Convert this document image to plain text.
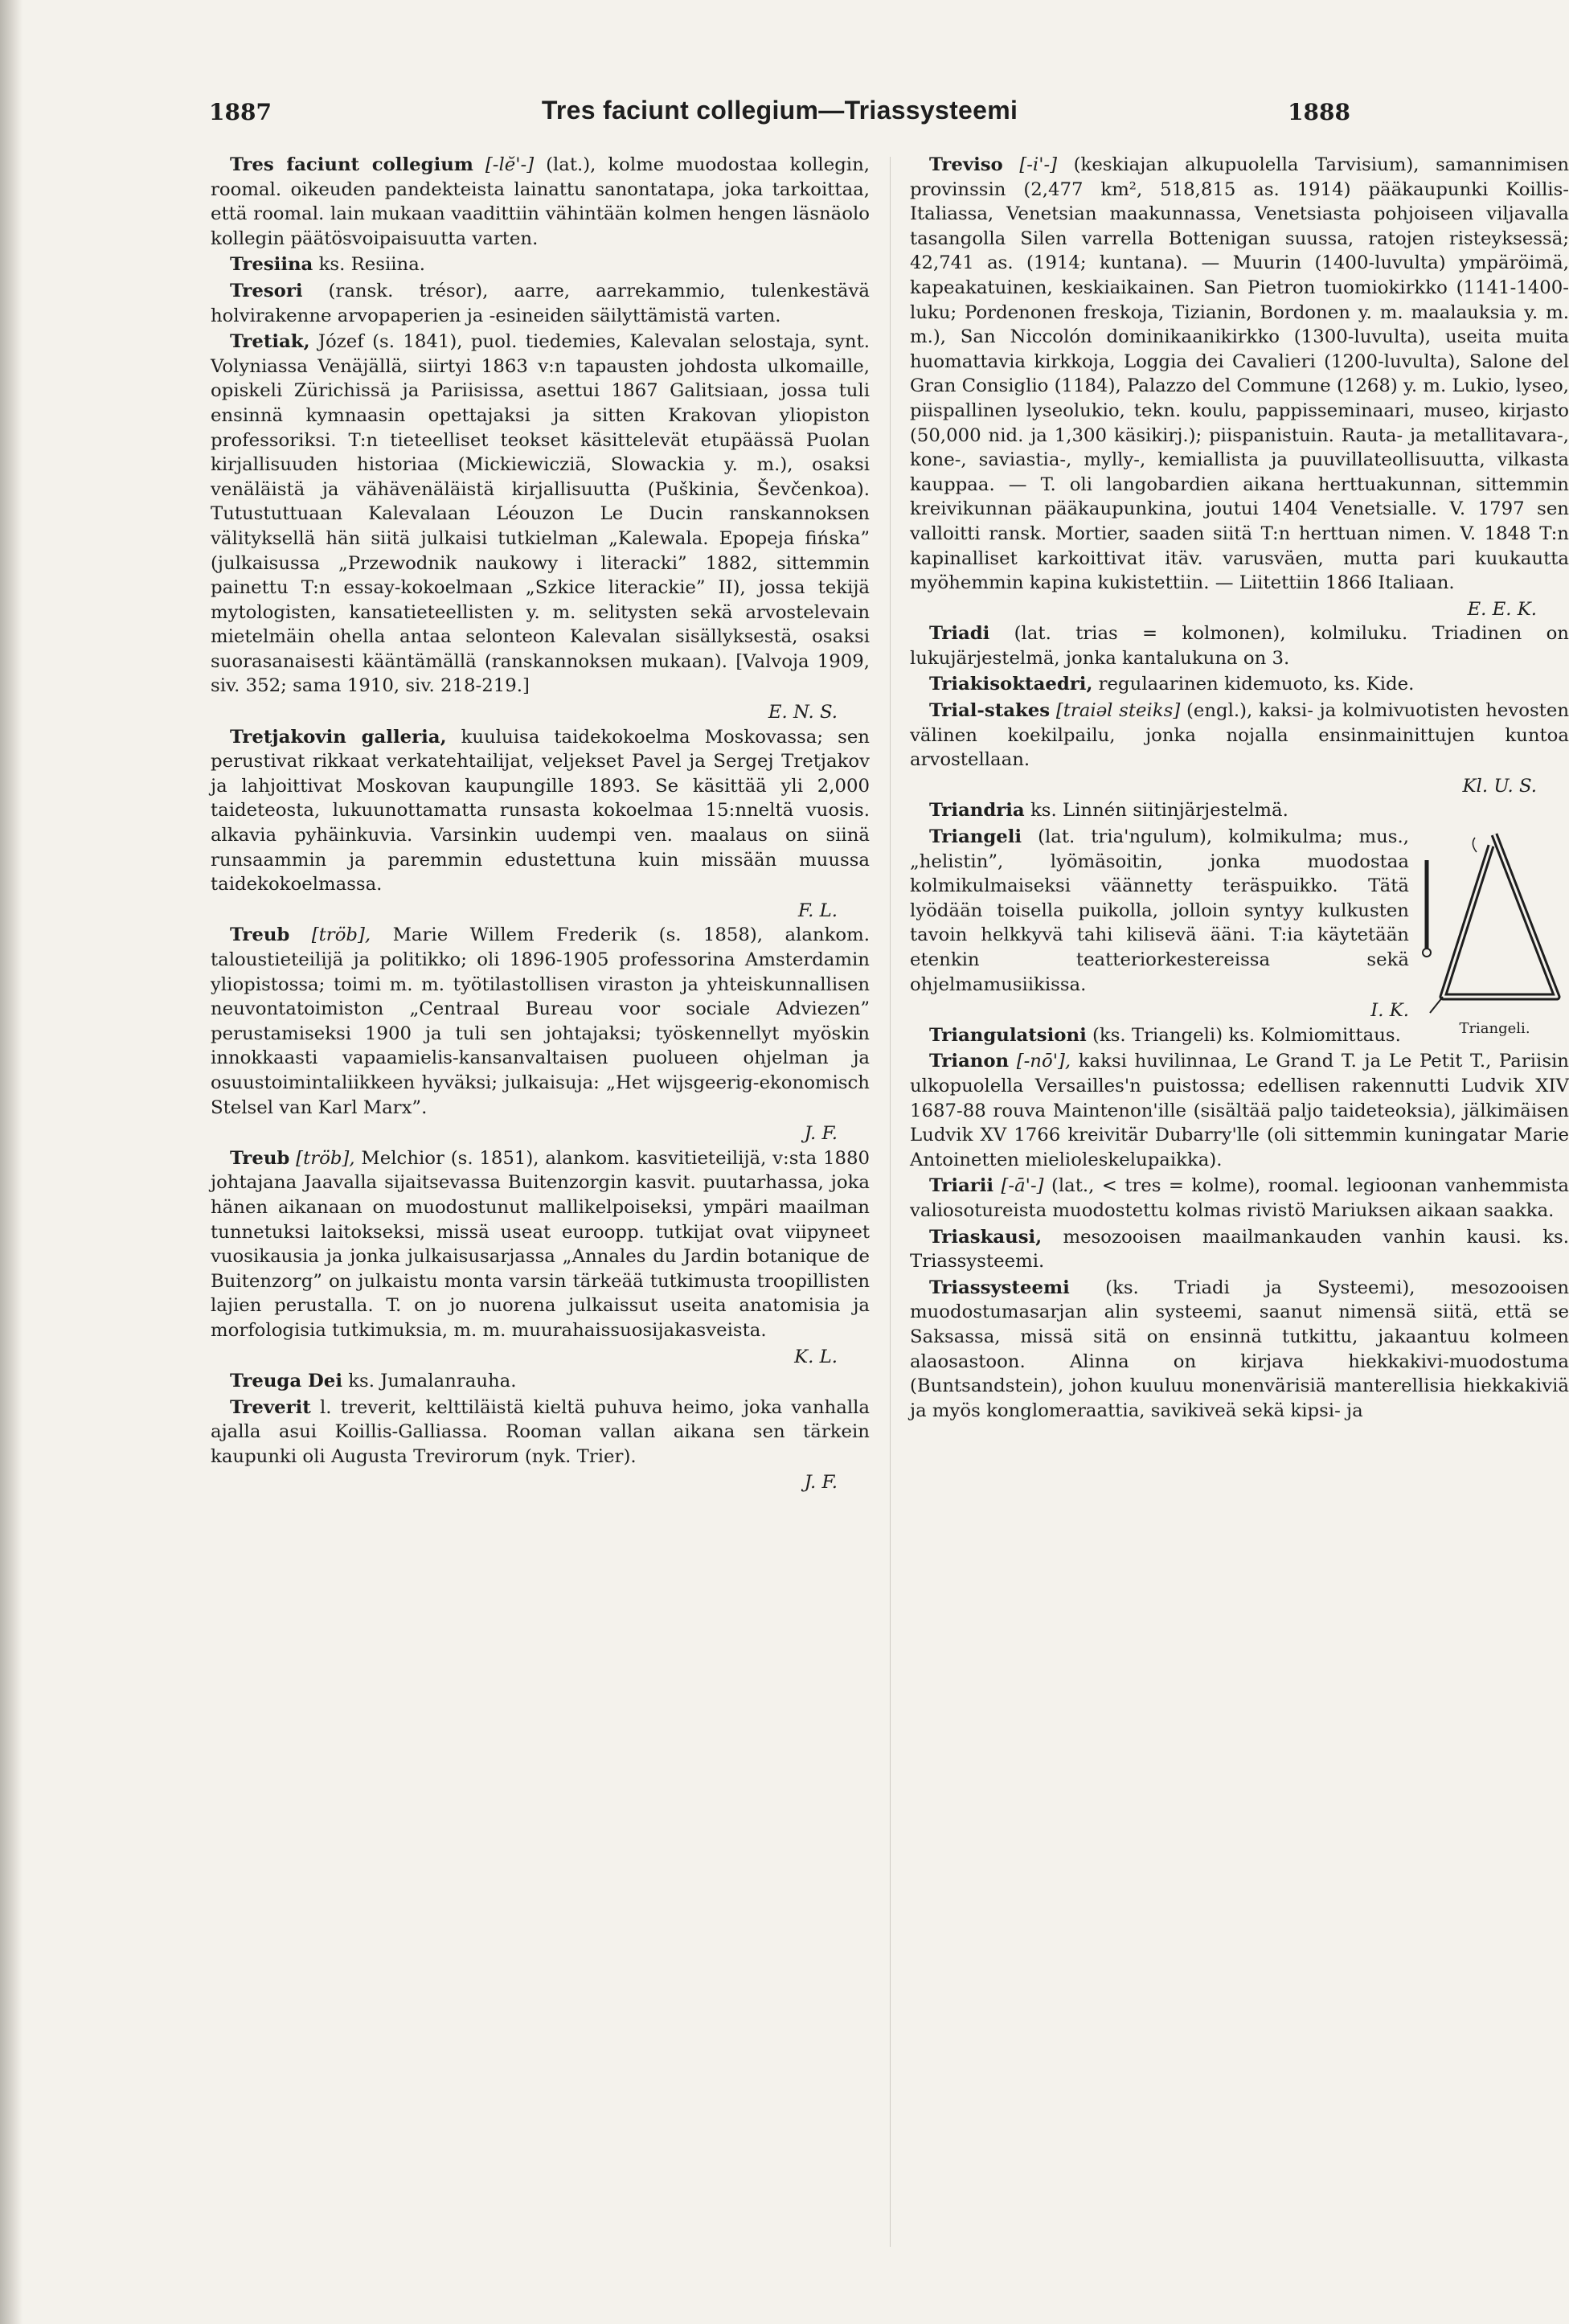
1887	Tres faciunt collegium—Triassysteemi	1888

Tres faciunt collegium [-lĕ'-] (lat.), kolme muodostaa kollegin, roomal. oikeuden pandekteista lainattu sanontatapa, joka tarkoittaa, että roomal. lain mukaan vaadittiin vähintään kolmen hengen läsnäolo kollegin päätösvoipaisuutta varten.

Tresiina ks. Resiina.

Tresori (ransk. trésor), aarre, aarrekammio, tulenkestävä holvirakenne arvopaperien ja -esineiden säilyttämistä varten.

Tretiak, Józef (s. 1841), puol. tiedemies, Kalevalan selostaja, synt. Volyniassa Venäjällä, siirtyi 1863 v:n tapausten johdosta ulkomaille, opiskeli Zürichissä ja Pariisissa, asettui 1867 Galitsiaan, jossa tuli ensinnä kymnaasin opettajaksi ja sitten Krakovan yliopiston professoriksi. T:n tieteelliset teokset käsittelevät etupäässä Puolan kirjallisuuden historiaa (Mickiewicziä, Slowackia y. m.), osaksi venäläistä ja vähävenäläistä kirjallisuutta (Puškinia, Ševčenkoa). Tutustuttuaan Kalevalaan Léouzon Le Ducin ranskannoksen välityksellä hän siitä julkaisi tutkielman „Kalewala. Epopeja fińska” (julkaisussa „Przewodnik naukowy i literacki” 1882, sittemmin painettu T:n essay-kokoelmaan „Szkice literackie” II), jossa tekijä mytologisten, kansatieteellisten y. m. selitysten sekä arvostelevain mietelmäin ohella antaa selonteon Kalevalan sisällyksestä, osaksi suorasanaisesti kääntämällä (ranskannoksen mukaan). [Valvoja 1909, siv. 352; sama 1910, siv. 218-219.]

E. N. S.

Tretjakovin galleria, kuuluisa taidekokoelma Moskovassa; sen perustivat rikkaat verkatehtailijat, veljekset Pavel ja Sergej Tretjakov ja lahjoittivat Moskovan kaupungille 1893. Se käsittää yli 2,000 taideteosta, lukuunottamatta runsasta kokoelmaa 15:nneltä vuosis. alkavia pyhäinkuvia. Varsinkin uudempi ven. maalaus on siinä runsaammin ja paremmin edustettuna kuin missään muussa taidekokoelmassa.

F. L.

Treub [tröb], Marie Willem Frederik (s. 1858), alankom. taloustieteilijä ja politikko; oli 1896-1905 professorina Amsterdamin yliopistossa; toimi m. m. työtilastollisen viraston ja yhteiskunnallisen neuvontatoimiston „Centraal Bureau voor sociale Adviezen” perustamiseksi 1900 ja tuli sen johtajaksi; työskennellyt myöskin innokkaasti vapaamielis-kansanvaltaisen puolueen ohjelman ja osuustoimintaliikkeen hyväksi; julkaisuja: „Het wijsgeerig-ekonomisch Stelsel van Karl Marx”.

J. F.

Treub [tröb], Melchior (s. 1851), alankom. kasvitieteilijä, v:sta 1880 johtajana Jaavalla sijaitsevassa Buitenzorgin kasvit. puutarhassa, joka hänen aikanaan on muodostunut mallikelpoiseksi, ympäri maailman tunnetuksi laitokseksi, missä useat euroopp. tutkijat ovat viipyneet vuosikausia ja jonka julkaisusarjassa „Annales du Jardin botanique de Buitenzorg” on julkaistu monta varsin tärkeää tutkimusta troopillisten lajien perustalla. T. on jo nuorena julkaissut useita anatomisia ja morfologisia tutkimuksia, m. m. muurahaissuosijakasveista.

K. L.

Treuga Dei ks. Jumalanrauha.

Treverit l. treverit, kelttiläistä kieltä puhuva heimo, joka vanhalla ajalla asui Koillis-Galliassa. Rooman vallan aikana sen tärkein kaupunki oli Augusta Trevirorum (nyk. Trier).

J. F.

Treviso [-i'-] (keskiajan alkupuolella Tarvisium), samannimisen provinssin (2,477 km², 518,815 as. 1914) pääkaupunki Koillis-Italiassa, Venetsian maakunnassa, Venetsiasta pohjoiseen viljavalla tasangolla Silen varrella Bottenigan suussa, ratojen risteyksessä; 42,741 as. (1914; kuntana). — Muurin (1400-luvulta) ympäröimä, kapeakatuinen, keskiaikainen. San Pietron tuomiokirkko (1141-1400-luku; Pordenonen freskoja, Tizianin, Bordonen y. m. maalauksia y. m. m.), San Niccolón dominikaanikirkko (1300-luvulta), useita muita huomattavia kirkkoja, Loggia dei Cavalieri (1200-luvulta), Salone del Gran Consiglio (1184), Palazzo del Commune (1268) y. m. Lukio, lyseo, piispallinen lyseolukio, tekn. koulu, pappisseminaari, museo, kirjasto (50,000 nid. ja 1,300 käsikirj.); piispanistuin. Rauta- ja metallitavara-, kone-, saviastia-, mylly-, kemiallista ja puuvillateollisuutta, vilkasta kauppaa. — T. oli langobardien aikana herttuakunnan, sittemmin kreivikunnan pääkaupunkina, joutui 1404 Venetsialle. V. 1797 sen valloitti ransk. Mortier, saaden siitä T:n herttuan nimen. V. 1848 T:n kapinalliset karkoittivat itäv. varusväen, mutta pari kuukautta myöhemmin kapina kukistettiin. — Liitettiin 1866 Italiaan.

E. E. K.

Triadi (lat. trias = kolmonen), kolmiluku. Triadinen on lukujärjestelmä, jonka kantalukuna on 3.

Triakisoktaedri, regulaarinen kidemuoto, ks. Kide.

Trial-stakes [traiəl steiks] (engl.), kaksi- ja kolmivuotisten hevosten välinen koekilpailu, jonka nojalla ensinmainittujen kuntoa arvostellaan.

Kl. U. S.

Triandria ks. Linnén siitinjärjestelmä.

Triangeli.

Triangeli (lat. tria'ngulum), kolmikulma; mus., „helistin”, lyömäsoitin, jonka muodostaa kolmikulmaiseksi väännetty teräspuikko. Tätä lyödään toisella puikolla, jolloin syntyy kulkusten tavoin helkkyvä tahi kilisevä ääni. T:ia käytetään etenkin teatteriorkestereissa sekä ohjelmamusiikissa.

I. K.

Triangulatsioni (ks. Triangeli) ks. Kolmiomittaus.

Trianon [-nō'], kaksi huvilinnaa, Le Grand T. ja Le Petit T., Pariisin ulkopuolella Versailles'n puistossa; edellisen rakennutti Ludvik XIV 1687-88 rouva Maintenon'ille (sisältää paljo taideteoksia), jälkimäisen Ludvik XV 1766 kreivitär Dubarry'lle (oli sittemmin kuningatar Marie Antoinetten mielioleskelupaikka).

Triarii [-ā'-] (lat., < tres = kolme), roomal. legioonan vanhemmista valiosotureista muodostettu kolmas rivistö Mariuksen aikaan saakka.

Triaskausi, mesozooisen maailmankauden vanhin kausi. ks. Triassysteemi.

Triassysteemi (ks. Triadi ja Systeemi), mesozooisen muodostumasarjan alin systeemi, saanut nimensä siitä, että se Saksassa, missä sitä on ensinnä tutkittu, jakaantuu kolmeen alaosastoon. Alinna on kirjava hiekkakivi-muodostuma (Buntsandstein), johon kuuluu monenvärisiä manterellisia hiekkakiviä ja myös konglomeraattia, savikiveä sekä kipsi- ja
